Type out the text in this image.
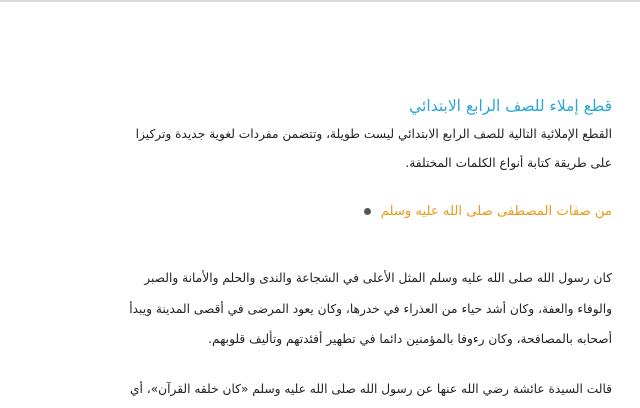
قطع إملاء للصف الرابع الابتدائي

القطع الإملائية التالية للصف الرابع الابتدائي ليست طويلة، وتتضمن مفردات لغوية جديدة وتركيزا

على طريقة كتابة أنواع الكلمات المختلفة.

من صفات المصطفى صلى الله عليه وسلم

كان رسول الله صلى الله عليه وسلم المثل الأعلى في الشجاعة والندى والحلم والأمانة والصبر

والوفاء والعفة، وكان أشد حياء من العذراء في خدرها، وكان يعود المرضى في أقصى المدينة ويبدأ

أصحابه بالمصافحة، وكان رءوفا بالمؤمنين دائما في تطهير أفئدتهم وتأليف قلوبهم.

قالت السيدة عائشة رضي الله عنها عن رسول الله صلى الله عليه وسلم «كان خلقه القرآن»، أي
